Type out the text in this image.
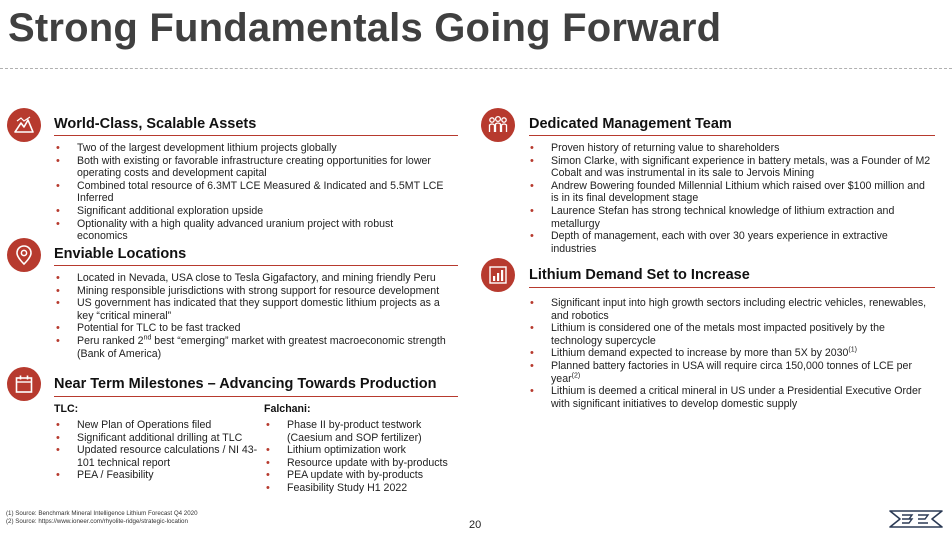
Strong Fundamentals Going Forward
World-Class, Scalable Assets
• Two of the largest development lithium projects globally
• Both with existing or favorable infrastructure creating opportunities for lower operating costs and development capital
• Combined total resource of 6.3MT LCE Measured & Indicated and 5.5MT LCE Inferred
• Significant additional exploration upside
• Optionality with a high quality advanced uranium project with robust economics
Enviable Locations
• Located in Nevada, USA close to Tesla Gigafactory, and mining friendly Peru
• Mining responsible jurisdictions with strong support for resource development
• US government has indicated that they support domestic lithium projects as a key “critical mineral”
• Potential for TLC to be fast tracked
• Peru ranked 2nd best “emerging” market with greatest macroeconomic strength (Bank of America)
Near Term Milestones – Advancing Towards Production
TLC:
• New Plan of Operations filed
• Significant additional drilling at TLC
• Updated resource calculations / NI 43-101 technical report
• PEA / Feasibility
Falchani:
• Phase II by-product testwork (Caesium and SOP fertilizer)
• Lithium optimization work
• Resource update with by-products
• PEA update with by-products
• Feasibility Study H1 2022
Dedicated Management Team
• Proven history of returning value to shareholders
• Simon Clarke, with significant experience in battery metals, was a Founder of M2 Cobalt and was instrumental in its sale to Jervois Mining
• Andrew Bowering founded Millennial Lithium which raised over $100 million and is in its final development stage
• Laurence Stefan has strong technical knowledge of lithium extraction and metallurgy
• Depth of management, each with over 30 years experience in extractive industries
Lithium Demand Set to Increase
• Significant input into high growth sectors including electric vehicles, renewables, and robotics
• Lithium is considered one of the metals most impacted positively by the technology supercycle
• Lithium demand expected to increase by more than 5X by 2030$^{(1)}$
• Planned battery factories in USA will require circa 150,000 tonnes of LCE per year$^{(2)}$
• Lithium is deemed a critical mineral in US under a Presidential Executive Order with significant initiatives to develop domestic supply
(1) Source: Benchmark Mineral Intelligence Lithium Forecast Q4 2020
(2) Source: https://www.ioneer.com/rhyolite-ridge/strategic-location	20
